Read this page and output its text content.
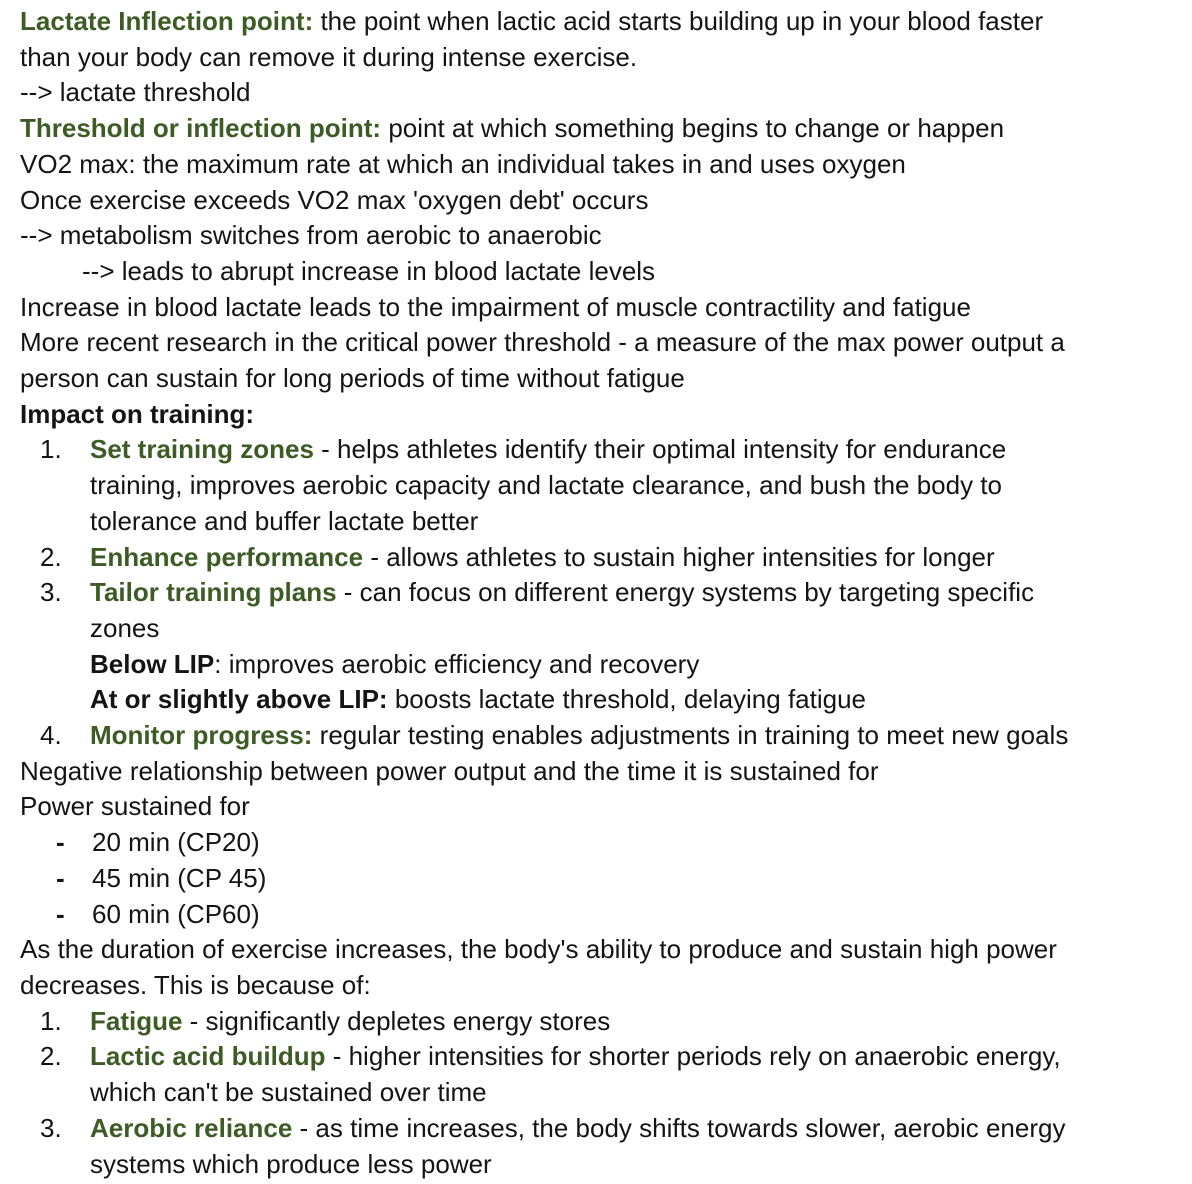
Lactate Inflection point: the point when lactic acid starts building up in your blood faster
than your body can remove it during intense exercise.
--> lactate threshold
Threshold or inflection point: point at which something begins to change or happen
VO2 max: the maximum rate at which an individual takes in and uses oxygen
Once exercise exceeds VO2 max 'oxygen debt' occurs
--> metabolism switches from aerobic to anaerobic
--> leads to abrupt increase in blood lactate levels
Increase in blood lactate leads to the impairment of muscle contractility and fatigue
More recent research in the critical power threshold - a measure of the max power output a
person can sustain for long periods of time without fatigue
Impact on training:
1. Set training zones - helps athletes identify their optimal intensity for endurance
training, improves aerobic capacity and lactate clearance, and bush the body to
tolerance and buffer lactate better
2. Enhance performance - allows athletes to sustain higher intensities for longer
3. Tailor training plans - can focus on different energy systems by targeting specific
zones
Below LIP: improves aerobic efficiency and recovery
At or slightly above LIP: boosts lactate threshold, delaying fatigue
4. Monitor progress: regular testing enables adjustments in training to meet new goals
Negative relationship between power output and the time it is sustained for
Power sustained for
- 20 min (CP20)
- 45 min (CP 45)
- 60 min (CP60)
As the duration of exercise increases, the body's ability to produce and sustain high power
decreases. This is because of:
1. Fatigue - significantly depletes energy stores
2. Lactic acid buildup - higher intensities for shorter periods rely on anaerobic energy,
which can't be sustained over time
3. Aerobic reliance - as time increases, the body shifts towards slower, aerobic energy
systems which produce less power
